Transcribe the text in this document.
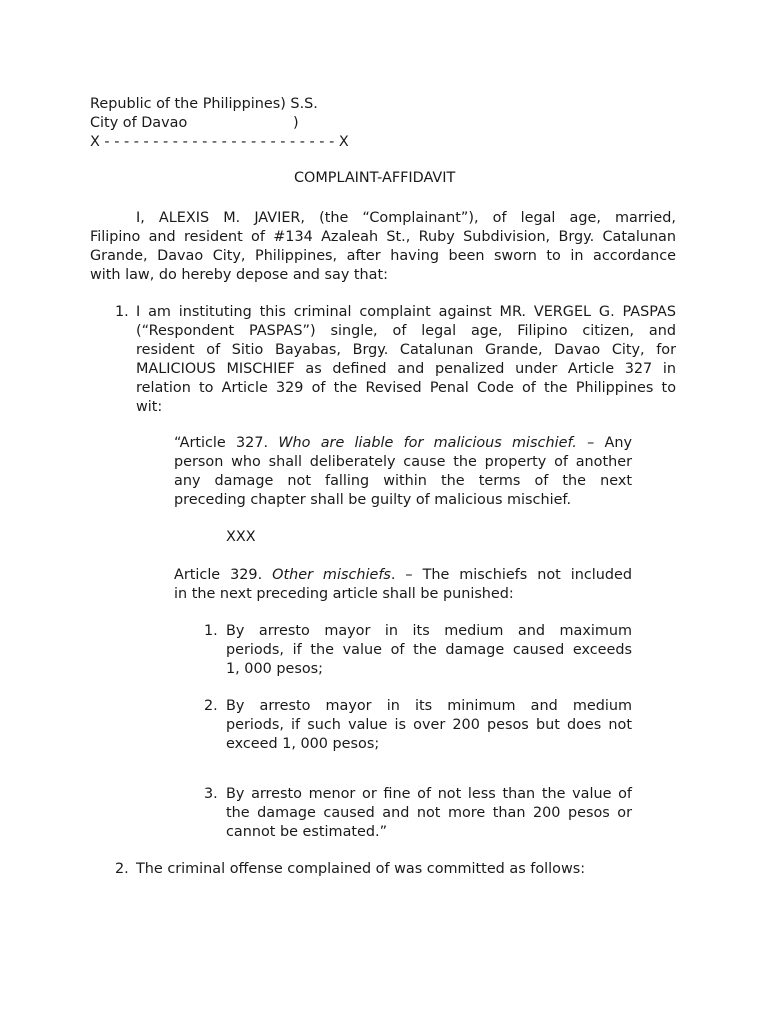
Republic of the Philippines) S.S.
City of Davao	)
X - - - - - - - - - - - - - - - - - - - - - - - - X
COMPLAINT-AFFIDAVIT
I, ALEXIS M. JAVIER, (the “Complainant”), of legal age, married,
Filipino and resident of #134 Azaleah St., Ruby Subdivision, Brgy. Catalunan
Grande, Davao City, Philippines, after having been sworn to in accordance
with law, do hereby depose and say that:
1. I am instituting this criminal complaint against MR. VERGEL G. PASPAS
(“Respondent PASPAS”) single, of legal age, Filipino citizen, and
resident of Sitio Bayabas, Brgy. Catalunan Grande, Davao City, for
MALICIOUS MISCHIEF as defined and penalized under Article 327 in
relation to Article 329 of the Revised Penal Code of the Philippines to
wit:
“Article 327. Who are liable for malicious mischief. – Any
person who shall deliberately cause the property of another
any damage not falling within the terms of the next
preceding chapter shall be guilty of malicious mischief.
XXX
Article 329. Other mischiefs. – The mischiefs not included
in the next preceding article shall be punished:
1. By arresto mayor in its medium and maximum
periods, if the value of the damage caused exceeds
1, 000 pesos;
2. By arresto mayor in its minimum and medium
periods, if such value is over 200 pesos but does not
exceed 1, 000 pesos;
3. By arresto menor or fine of not less than the value of
the damage caused and not more than 200 pesos or
cannot be estimated.”
2. The criminal offense complained of was committed as follows:
